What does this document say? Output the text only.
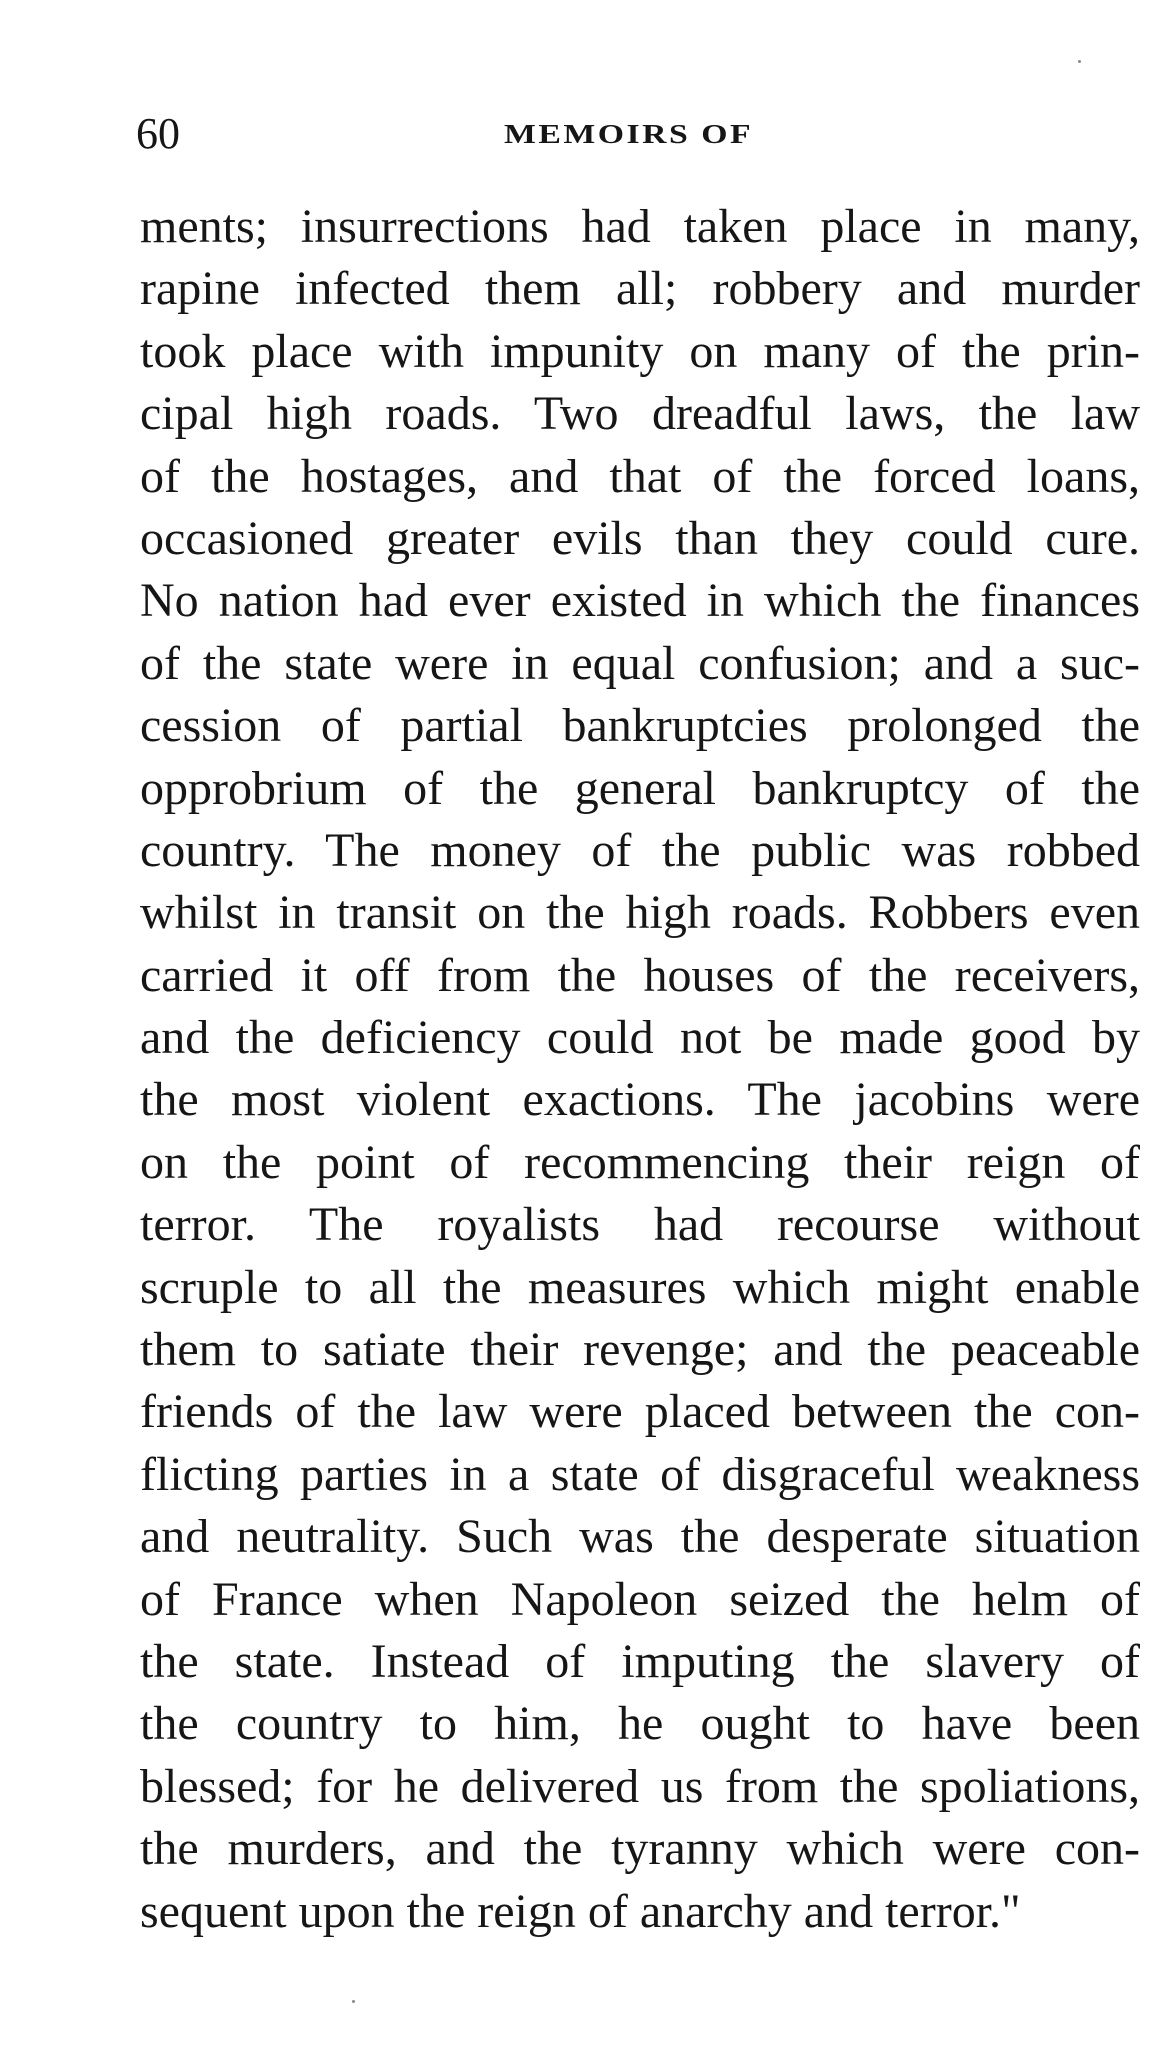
60	MEMOIRS OF
ments; insurrections had taken place in many,
rapine infected them all; robbery and murder
took place with impunity on many of the prin-
cipal high roads. Two dreadful laws, the law
of the hostages, and that of the forced loans,
occasioned greater evils than they could cure.
No nation had ever existed in which the finances
of the state were in equal confusion; and a suc-
cession of partial bankruptcies prolonged the
opprobrium of the general bankruptcy of the
country. The money of the public was robbed
whilst in transit on the high roads. Robbers even
carried it off from the houses of the receivers,
and the deficiency could not be made good by
the most violent exactions. The jacobins were
on the point of recommencing their reign of
terror. The royalists had recourse without
scruple to all the measures which might enable
them to satiate their revenge; and the peaceable
friends of the law were placed between the con-
flicting parties in a state of disgraceful weakness
and neutrality. Such was the desperate situation
of France when Napoleon seized the helm of
the state. Instead of imputing the slavery of
the country to him, he ought to have been
blessed; for he delivered us from the spoliations,
the murders, and the tyranny which were con-
sequent upon the reign of anarchy and terror."
